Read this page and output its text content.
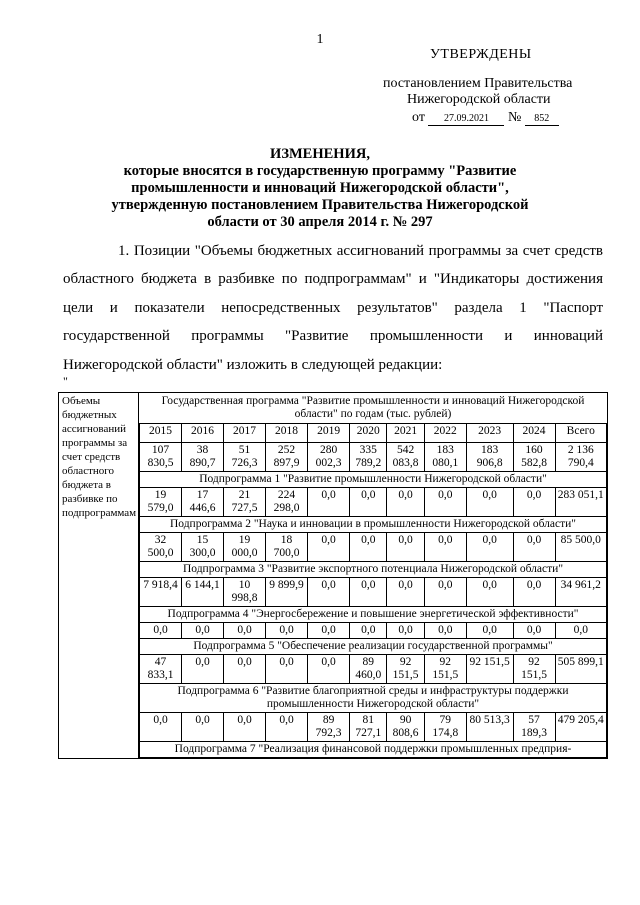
1
УТВЕРЖДЕНЫ
постановлением Правительства
Нижегородской области
от 27.09.2021 № 852
ИЗМЕНЕНИЯ,
которые вносятся в государственную программу "Развитие
промышленности и инноваций Нижегородской области",
утвержденную постановлением Правительства Нижегородской
области от 30 апреля 2014 г. № 297

1. Позиции "Объемы бюджетных ассигнований программы за счет средств областного бюджета в разбивке по подпрограммам" и "Индикаторы достижения цели и показатели непосредственных результатов" раздела 1 "Паспорт государственной программы "Развитие промышленности и инноваций Нижегородской области" изложить в следующей редакции:

"
Объемы бюджетных ассигнований программы за счет средств областного бюджета в разбивке по подпрограммам	
Государственная программа "Развитие промышленности и инноваций Нижегородской области" по годам (тыс. рублей)
2015	2016	2017	2018	2019	2020	2021	2022	2023	2024	Всего
107 830,5	38 890,7	51 726,3	252 897,9	280 002,3	335 789,2	542 083,8	183 080,1	183 906,8	160 582,8	2 136 790,4
Подпрограмма 1 "Развитие промышленности Нижегородской области"
19 579,0	17 446,6	21 727,5	224 298,0	0,0	0,0	0,0	0,0	0,0	0,0	283 051,1
Подпрограмма 2 "Наука и инновации в промышленности Нижегородской области"
32 500,0	15 300,0	19 000,0	18 700,0	0,0	0,0	0,0	0,0	0,0	0,0	85 500,0
Подпрограмма 3 "Развитие экспортного потенциала Нижегородской области"
7 918,4	6 144,1	10 998,8	9 899,9	0,0	0,0	0,0	0,0	0,0	0,0	34 961,2
Подпрограмма 4 "Энергосбережение и повышение энергетической эффективности"
0,0	0,0	0,0	0,0	0,0	0,0	0,0	0,0	0,0	0,0	0,0
Подпрограмма 5 "Обеспечение реализации государственной программы"
47 833,1	0,0	0,0	0,0	0,0	89 460,0	92 151,5	92 151,5	92 151,5	92 151,5	505 899,1
Подпрограмма 6 "Развитие благоприятной среды и инфраструктуры поддержки промышленности Нижегородской области"
0,0	0,0	0,0	0,0	89 792,3	81 727,1	90 808,6	79 174,8	80 513,3	57 189,3	479 205,4
Подпрограмма 7 "Реализация финансовой поддержки промышленных предприя-
